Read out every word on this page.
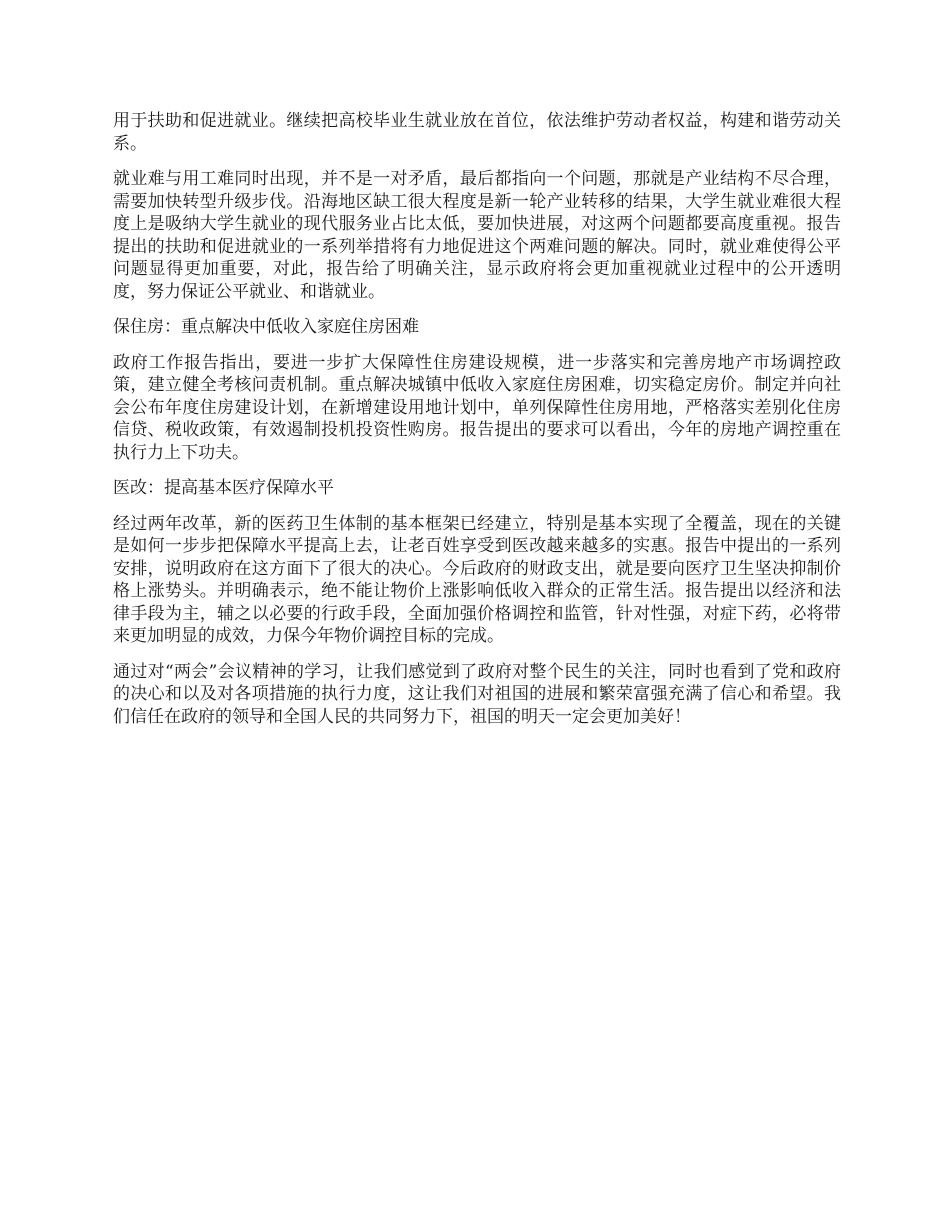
用于扶助和促进就业。继续把高校毕业生就业放在首位，依法维护劳动者权益，构建和谐劳动关系。

就业难与用工难同时出现，并不是一对矛盾，最后都指向一个问题，那就是产业结构不尽合理，需要加快转型升级步伐。沿海地区缺工很大程度是新一轮产业转移的结果，大学生就业难很大程度上是吸纳大学生就业的现代服务业占比太低，要加快进展，对这两个问题都要高度重视。报告提出的扶助和促进就业的一系列举措将有力地促进这个两难问题的解决。同时，就业难使得公平问题显得更加重要，对此，报告给了明确关注，显示政府将会更加重视就业过程中的公开透明度，努力保证公平就业、和谐就业。

保住房：重点解决中低收入家庭住房困难

政府工作报告指出，要进一步扩大保障性住房建设规模，进一步落实和完善房地产市场调控政策，建立健全考核问责机制。重点解决城镇中低收入家庭住房困难，切实稳定房价。制定并向社会公布年度住房建设计划，在新增建设用地计划中，单列保障性住房用地，严格落实差别化住房信贷、税收政策，有效遏制投机投资性购房。报告提出的要求可以看出，今年的房地产调控重在执行力上下功夫。

医改：提高基本医疗保障水平

经过两年改革，新的医药卫生体制的基本框架已经建立，特别是基本实现了全覆盖，现在的关键是如何一步步把保障水平提高上去，让老百姓享受到医改越来越多的实惠。报告中提出的一系列安排，说明政府在这方面下了很大的决心。今后政府的财政支出，就是要向医疗卫生坚决抑制价格上涨势头。并明确表示，绝不能让物价上涨影响低收入群众的正常生活。报告提出以经济和法律手段为主，辅之以必要的行政手段，全面加强价格调控和监管，针对性强，对症下药，必将带来更加明显的成效，力保今年物价调控目标的完成。

通过对“两会”会议精神的学习，让我们感觉到了政府对整个民生的关注，同时也看到了党和政府的决心和以及对各项措施的执行力度，这让我们对祖国的进展和繁荣富强充满了信心和希望。我们信任在政府的领导和全国人民的共同努力下，祖国的明天一定会更加美好！
